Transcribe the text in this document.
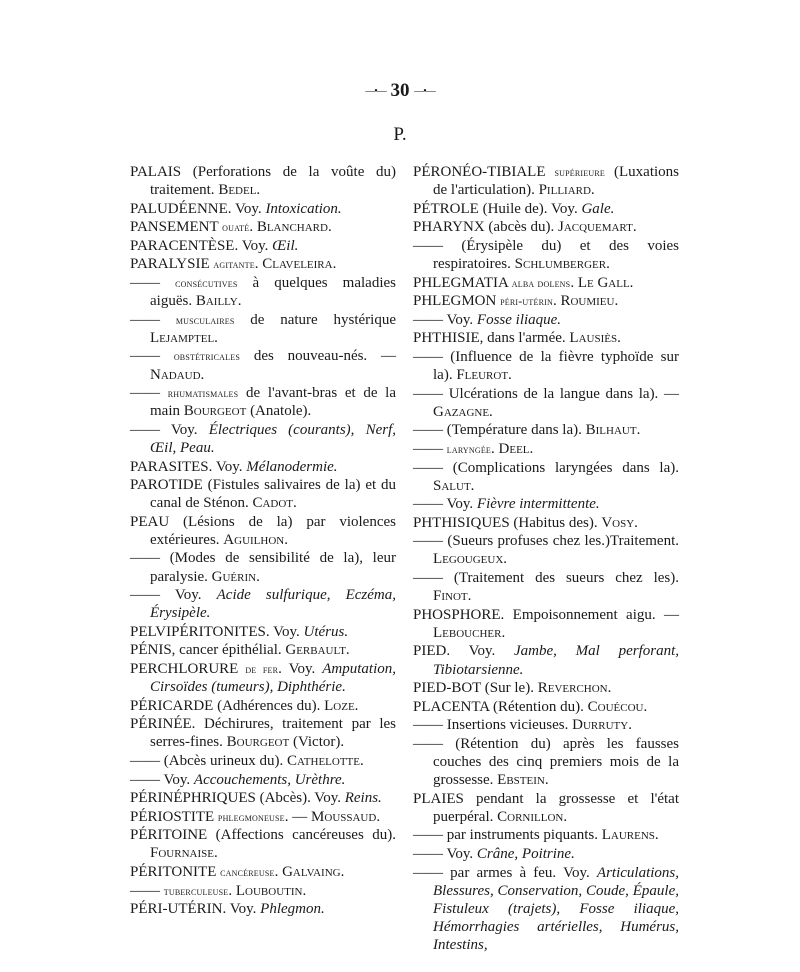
—•— 30 —•—
P.
PALAIS (Perforations de la voûte du) traitement. Bedel.
PALUDÉENNE. Voy. Intoxication.
PANSEMENT ouaté. Blanchard.
PARACENTÈSE. Voy. Œil.
PARALYSIE agitante. Claveleira.
—— consécutives à quelques maladies aiguës. Bailly.
—— musculaires de nature hystérique Lejamptel.
—— obstétricales des nouveau-nés. — Nadaud.
—— rhumatismales de l'avant-bras et de la main Bourgeot (Anatole).
—— Voy. Électriques (courants), Nerf, Œil, Peau.
PARASITES. Voy. Mélanodermie.
PAROTIDE (Fistules salivaires de la) et du canal de Sténon. Cadot.
PEAU (Lésions de la) par violences extérieures. Aguilhon.
—— (Modes de sensibilité de la), leur paralysie. Guérin.
—— Voy. Acide sulfurique, Eczéma, Érysipèle.
PELVIPÉRITONITES. Voy. Utérus.
PÉNIS, cancer épithélial. Gerbault.
PERCHLORURE de fer. Voy. Amputation, Cirsoïdes (tumeurs), Diphthérie.
PÉRICARDE (Adhérences du). Loze.
PÉRINÉE. Déchirures, traitement par les serres-fines. Bourgeot (Victor).
—— (Abcès urineux du). Cathelotte.
—— Voy. Accouchements, Urèthre.
PÉRINÉPHRIQUES (Abcès). Voy. Reins.
PÉRIOSTITE phlegmoneuse. — Moussaud.
PÉRITOINE (Affections cancéreuses du). Fournaise.
PÉRITONITE cancéreuse. Galvaing.
—— tuberculeuse. Louboutin.
PÉRI-UTÉRIN. Voy. Phlegmon.
PÉRONÉO-TIBIALE supérieure (Luxations de l'articulation). Pilliard.
PÉTROLE (Huile de). Voy. Gale.
PHARYNX (abcès du). Jacquemart.
—— (Érysipèle du) et des voies respiratoires. Schlumberger.
PHLEGMATIA alba dolens. Le Gall.
PHLEGMON péri-utérin. Roumieu.
—— Voy. Fosse iliaque.
PHTHISIE, dans l'armée. Lausiès.
—— (Influence de la fièvre typhoïde sur la). Fleurot.
—— Ulcérations de la langue dans la). — Gazagne.
—— (Température dans la). Bilhaut.
—— laryngée. Deel.
—— (Complications laryngées dans la). Salut.
—— Voy. Fièvre intermittente.
PHTHISIQUES (Habitus des). Vosy.
—— (Sueurs profuses chez les.)Traitement. Legougeux.
—— (Traitement des sueurs chez les). Finot.
PHOSPHORE. Empoisonnement aigu. — Leboucher.
PIED. Voy. Jambe, Mal perforant, Tibiotarsienne.
PIED-BOT (Sur le). Reverchon.
PLACENTA (Rétention du). Couécou.
—— Insertions vicieuses. Durruty.
—— (Rétention du) après les fausses couches des cinq premiers mois de la grossesse. Ebstein.
PLAIES pendant la grossesse et l'état puerpéral. Cornillon.
—— par instruments piquants. Laurens.
—— Voy. Crâne, Poitrine.
—— par armes à feu. Voy. Articulations, Blessures, Conservation, Coude, Épaule, Fistuleux (trajets), Fosse iliaque, Hémorrhagies artérielles, Humérus, Intestins,
